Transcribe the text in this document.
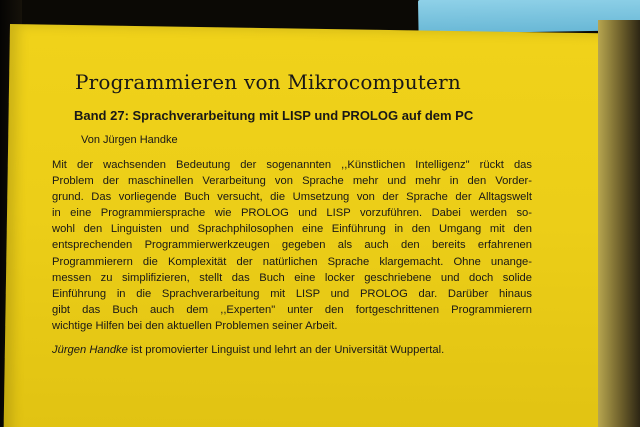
Programmieren von Mikrocomputern
Band 27: Sprachverarbeitung mit LISP und PROLOG auf dem PC
Von Jürgen Handke
Mit der wachsenden Bedeutung der sogenannten ,,Künstlichen Intelligenz" rückt das
Problem der maschinellen Verarbeitung von Sprache mehr und mehr in den Vorder-
grund. Das vorliegende Buch versucht, die Umsetzung von der Sprache der Alltagswelt
in eine Programmiersprache wie PROLOG und LISP vorzuführen. Dabei werden so-
wohl den Linguisten und Sprachphilosophen eine Einführung in den Umgang mit den
entsprechenden Programmierwerkzeugen gegeben als auch den bereits erfahrenen
Programmierern die Komplexität der natürlichen Sprache klargemacht. Ohne unange-
messen zu simplifizieren, stellt das Buch eine locker geschriebene und doch solide
Einführung in die Sprachverarbeitung mit LISP und PROLOG dar. Darüber hinaus
gibt das Buch auch dem ,,Experten" unter den fortgeschrittenen Programmierern
wichtige Hilfen bei den aktuellen Problemen seiner Arbeit.
Jürgen Handke ist promovierter Linguist und lehrt an der Universität Wuppertal.
